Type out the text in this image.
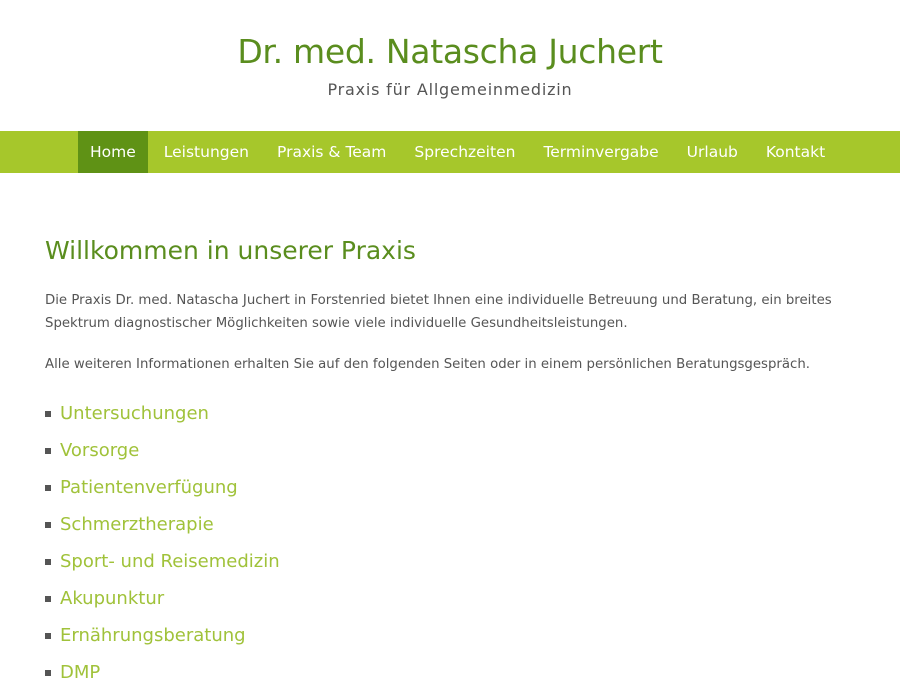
Dr. med. Natascha Juchert
Praxis für Allgemeinmedizin
Home	Leistungen	Praxis & Team	Sprechzeiten	Terminvergabe	Urlaub	Kontakt
Willkommen in unserer Praxis

Die Praxis Dr. med. Natascha Juchert in Forstenried bietet Ihnen eine individuelle Betreuung und Beratung, ein breites Spektrum diagnostischer Möglichkeiten sowie viele individuelle Gesundheitsleistungen.

Alle weiteren Informationen erhalten Sie auf den folgenden Seiten oder in einem persönlichen Beratungsgespräch.

Untersuchungen
Vorsorge
Patientenverfügung
Schmerztherapie
Sport- und Reisemedizin
Akupunktur
Ernährungsberatung
DMP
